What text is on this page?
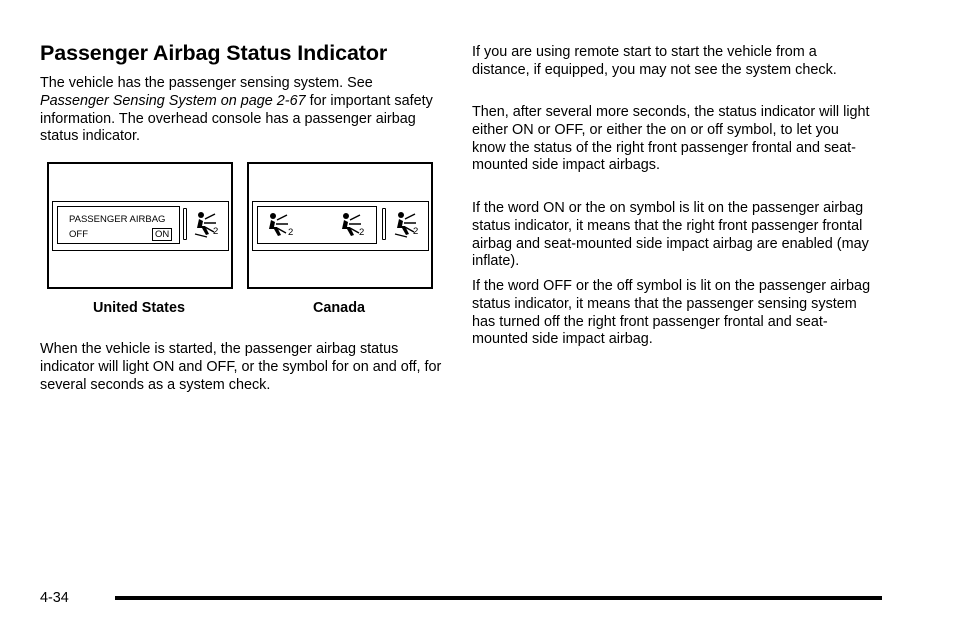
Passenger Airbag Status Indicator

The vehicle has the passenger sensing system. See Passenger Sensing System on page 2-67 for important safety information. The overhead console has a passenger airbag status indicator.

PASSENGER AIRBAG
OFF	ON	2
United States
2	2	2
Canada

When the vehicle is started, the passenger airbag status indicator will light ON and OFF, or the symbol for on and off, for several seconds as a system check.

If you are using remote start to start the vehicle from a distance, if equipped, you may not see the system check.

Then, after several more seconds, the status indicator will light either ON or OFF, or either the on or off symbol, to let you know the status of the right front passenger frontal and seat-mounted side impact airbags.

If the word ON or the on symbol is lit on the passenger airbag status indicator, it means that the right front passenger frontal airbag and seat-mounted side impact airbag are enabled (may inflate).

If the word OFF or the off symbol is lit on the passenger airbag status indicator, it means that the passenger sensing system has turned off the right front passenger frontal and seat-mounted side impact airbag.

4-34
